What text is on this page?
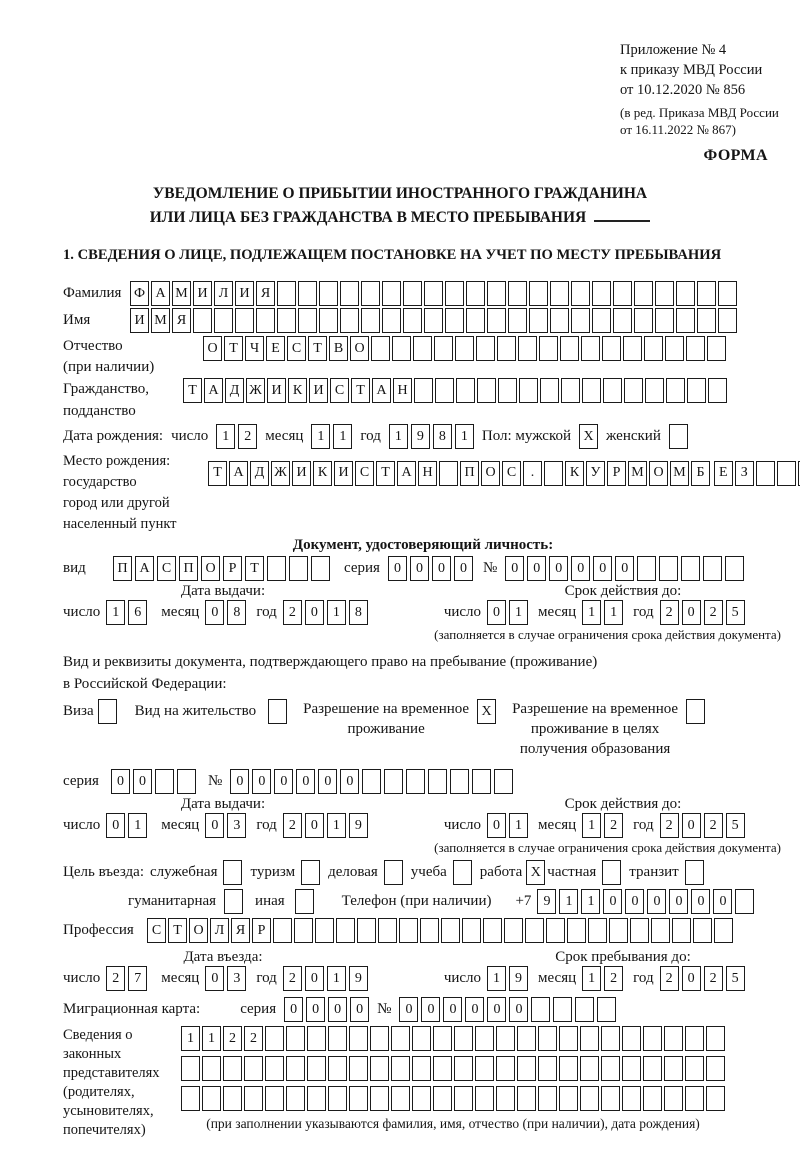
Приложение № 4
к приказу МВД России
от 10.12.2020 № 856
(в ред. Приказа МВД России
от 16.11.2022 № 867)
ФОРМА
УВЕДОМЛЕНИЕ О ПРИБЫТИИ ИНОСТРАННОГО ГРАЖДАНИНА
ИЛИ ЛИЦА БЕЗ ГРАЖДАНСТВА В МЕСТО ПРЕБЫВАНИЯ
1. СВЕДЕНИЯ О ЛИЦЕ, ПОДЛЕЖАЩЕМ ПОСТАНОВКЕ НА УЧЕТ ПО МЕСТУ ПРЕБЫВАНИЯ
Фамилия Ф А М И Л И Я
Имя	И М Я
Отчество
(при наличии)
О Т Ч Е С Т В О
Гражданство,
подданство
Т А Д Ж И К И С Т А Н
Дата рождения: число	1	2 месяц	1	1 год	1	9	8	1 Пол: мужской X женский
Место рождения:
государство
город или другой
населенный пункт
Т А Д Ж И К И С Т А Н	П О С	.	К У Р М О М Б
	Е З

Документ, удостоверяющий личность:
вид	П А С П О Р Т	серия	0	0	0	0	№	0	0	0	0	0	0
Дата выдачи:	Срок действия до:
число 1	6	месяц 0	8	год 2	0	1	8	число 0	1	месяц 1	1	год 2	0	2	5
(заполняется в случае ограничения срока действия документа)
Вид и реквизиты документа, подтверждающего право на пребывание (проживание)
в Российской Федерации:
Виза	Вид на жительство	Разрешение на временное
проживание
X Разрешение на временное
проживание в целях
получения образования
серия	0	0	№	0	0	0	0	0	0
Дата выдачи:	Срок действия до:
число 0	1	месяц 0	3	год 2	0	1	9	число 0	1	месяц 1	2	год 2	0	2	5
(заполняется в случае ограничения срока действия документа)
Цель въезда: служебная туризм деловая учеба работа X частная транзит
гуманитарная	иная	Телефон (при наличии) +7 9	1	1	0	0	0	0	0	0
Профессия	С Т О Л Я Р
Дата въезда:	Срок пребывания до:
число 2	7	месяц 0	3	год 2	0	1	9	число 1	9	месяц 1	2	год 2	0	2	5
Миграционная карта:	серия	0	0	0	0 №	0	0	0	0	0	0
Сведения о
законных
представителях
(родителях,
усыновителях,
попечителях)
1	1	2	2
(при заполнении указываются фамилия, имя, отчество (при наличии), дата рождения)
